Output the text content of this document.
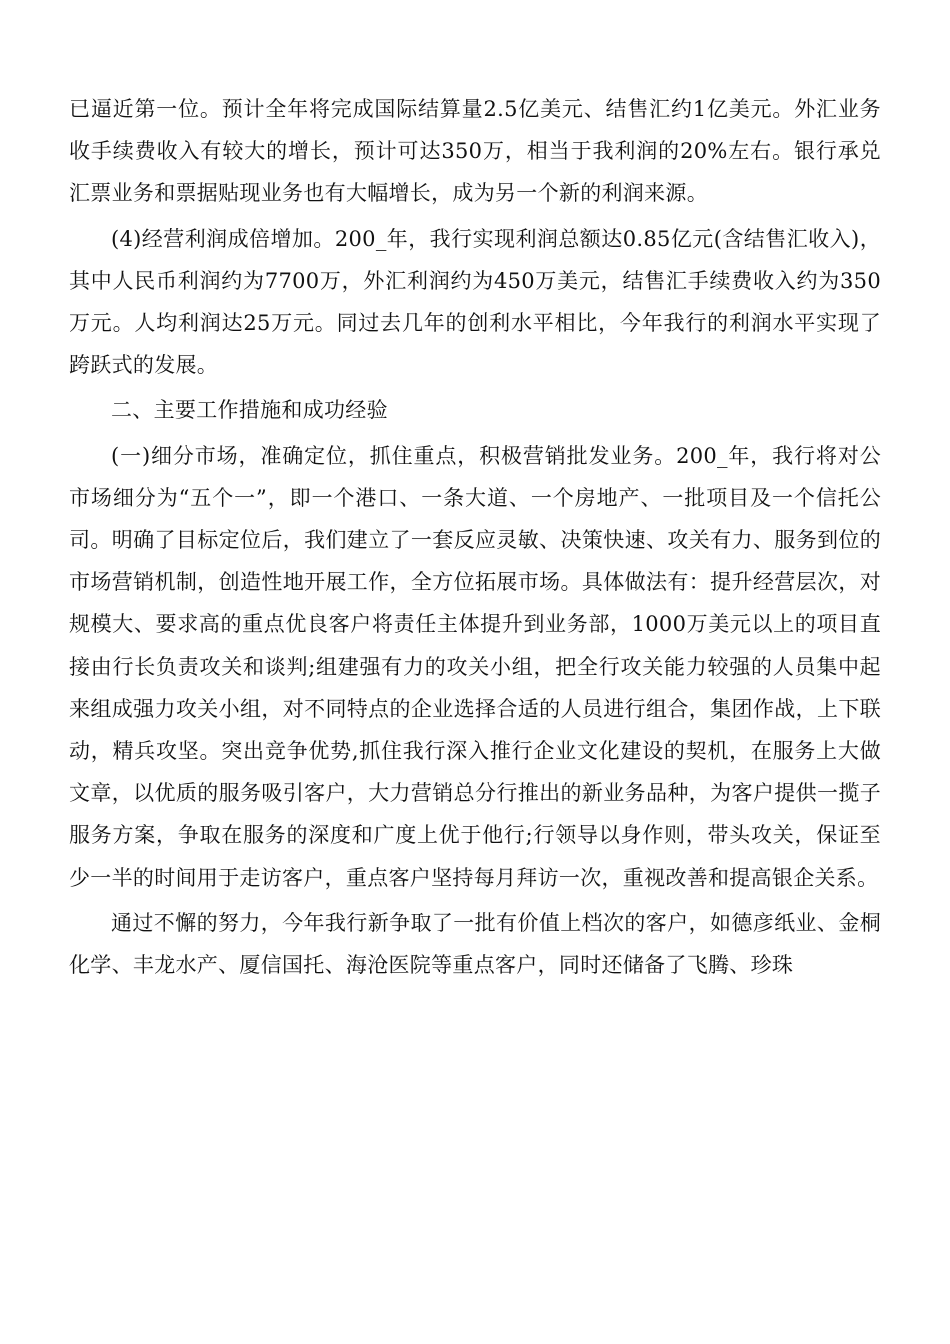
已逼近第一位。预计全年将完成国际结算量2.5亿美元、结售汇约1亿美元。外汇业务收手续费收入有较大的增长，预计可达350万，相当于我利润的20%左右。银行承兑汇票业务和票据贴现业务也有大幅增长，成为另一个新的利润来源。

(4)经营利润成倍增加。200_年，我行实现利润总额达0.85亿元(含结售汇收入)，其中人民币利润约为7700万，外汇利润约为450万美元，结售汇手续费收入约为350万元。人均利润达25万元。同过去几年的创利水平相比，今年我行的利润水平实现了跨跃式的发展。

二、主要工作措施和成功经验

(一)细分市场，准确定位，抓住重点，积极营销批发业务。200_年，我行将对公市场细分为“五个一”，即一个港口、一条大道、一个房地产、一批项目及一个信托公司。明确了目标定位后，我们建立了一套反应灵敏、决策快速、攻关有力、服务到位的市场营销机制，创造性地开展工作，全方位拓展市场。具体做法有：提升经营层次，对规模大、要求高的重点优良客户将责任主体提升到业务部，1000万美元以上的项目直接由行长负责攻关和谈判;组建强有力的攻关小组，把全行攻关能力较强的人员集中起来组成强力攻关小组，对不同特点的企业选择合适的人员进行组合，集团作战，上下联动，精兵攻坚。突出竞争优势,抓住我行深入推行企业文化建设的契机，在服务上大做文章，以优质的服务吸引客户，大力营销总分行推出的新业务品种，为客户提供一揽子服务方案，争取在服务的深度和广度上优于他行;行领导以身作则，带头攻关，保证至少一半的时间用于走访客户，重点客户坚持每月拜访一次，重视改善和提高银企关系。

通过不懈的努力，今年我行新争取了一批有价值上档次的客户，如德彦纸业、金桐化学、丰龙水产、厦信国托、海沧医院等重点客户，同时还储备了飞腾、珍珠
